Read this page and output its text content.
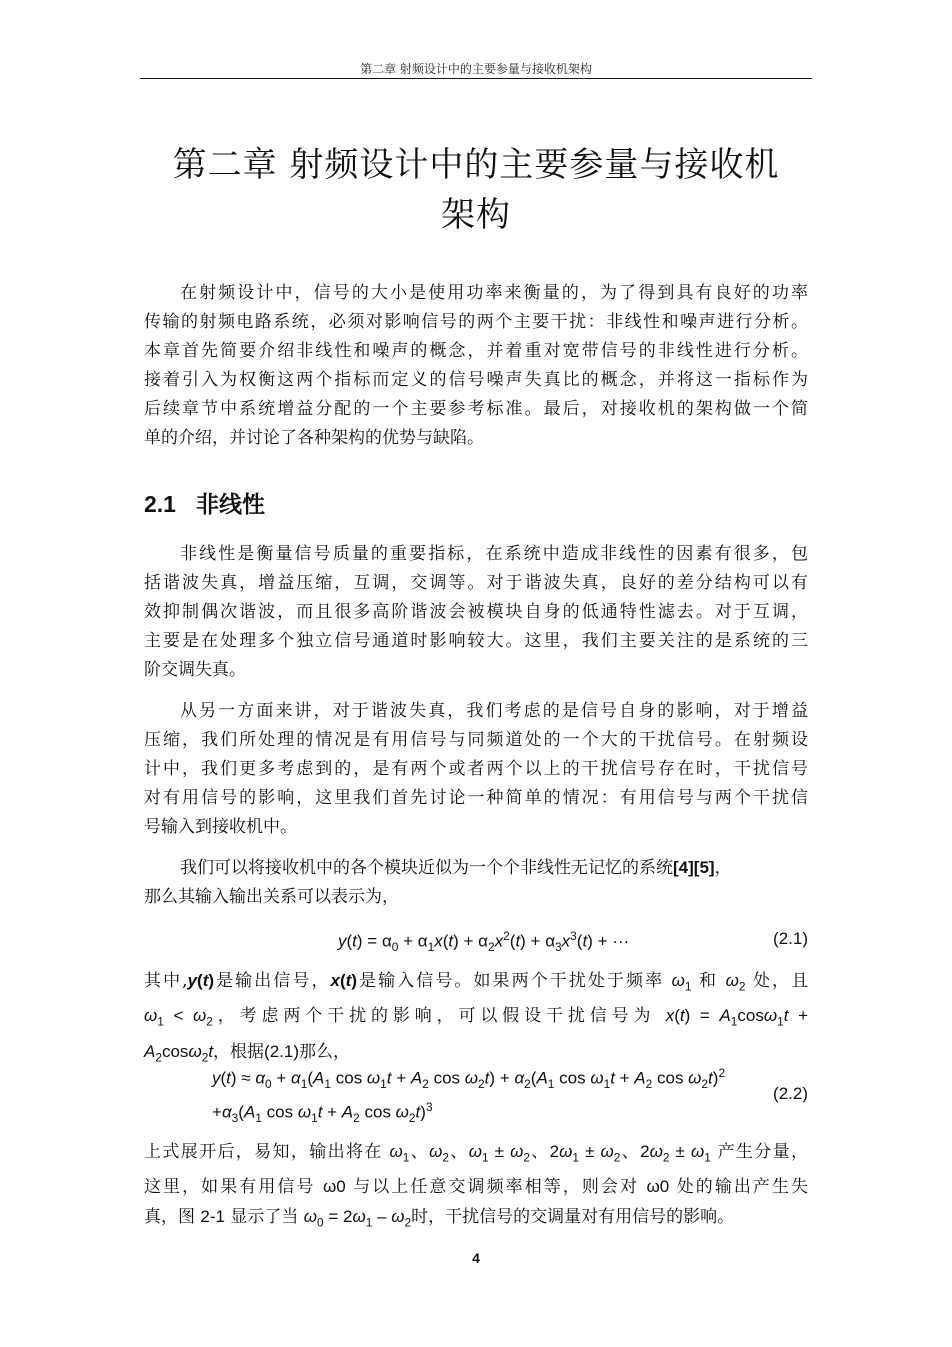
第二章 射频设计中的主要参量与接收机架构
第二章 射频设计中的主要参量与接收机
架构
在射频设计中，信号的大小是使用功率来衡量的，为了得到具有良好的功率
传输的射频电路系统，必须对影响信号的两个主要干扰：非线性和噪声进行分析。
本章首先简要介绍非线性和噪声的概念，并着重对宽带信号的非线性进行分析。
接着引入为权衡这两个指标而定义的信号噪声失真比的概念，并将这一指标作为
后续章节中系统增益分配的一个主要参考标准。最后，对接收机的架构做一个简
单的介绍，并讨论了各种架构的优势与缺陷。
2.1 非线性
非线性是衡量信号质量的重要指标，在系统中造成非线性的因素有很多，包
括谐波失真，增益压缩，互调，交调等。对于谐波失真，良好的差分结构可以有
效抑制偶次谐波，而且很多高阶谐波会被模块自身的低通特性滤去。对于互调，
主要是在处理多个独立信号通道时影响较大。这里，我们主要关注的是系统的三
阶交调失真。
从另一方面来讲，对于谐波失真，我们考虑的是信号自身的影响，对于增益
压缩，我们所处理的情况是有用信号与同频道处的一个大的干扰信号。在射频设
计中，我们更多考虑到的，是有两个或者两个以上的干扰信号存在时，干扰信号
对有用信号的影响，这里我们首先讨论一种简单的情况：有用信号与两个干扰信
号输入到接收机中。
我们可以将接收机中的各个模块近似为一个个非线性无记忆的系统[4][5]，
那么其输入输出关系可以表示为，
$y(t) = \alpha_0 + \alpha_1x(t) + \alpha_2x^2(t) + \alpha_3x^3(t)$ + ···	(2.1)
其中,y(t)是输出信号，x(t)是输入信号。如果两个干扰处于频率 $\omega_1$ 和 $\omega_2$ 处，且
$\omega_1 < \omega_2$，考虑两个干扰的影响，可以假设干扰信号为 $x(t) = A_1\cos\omega_1t$ +
$A_2\cos\omega_2t$，根据(2.1)那么，
$y(t) \approx \alpha_0 + \alpha_1(A_1$ $\cos \omega_1t + A_2$ $\cos \omega_2t) + \alpha_2(A_1$ $\cos \omega_1t + A_2$ $\cos \omega_2t)^2$
$+\alpha_3(A_1$ $\cos \omega_1t + A_2$ $\cos \omega_2t)^3$
(2.2)
上式展开后，易知，输出将在 $\omega_1$、$\omega_2$、$\omega_1 \pm \omega_2$、$2\omega_1 \pm \omega_2$、$2\omega_2 \pm \omega_1$ 产生分量，
这里，如果有用信号 ω0 与以上任意交调频率相等，则会对 ω0 处的输出产生失
真，图 2-1 显示了当 $\omega_0 = 2\omega_1 - \omega_2$时，干扰信号的交调量对有用信号的影响。
4
